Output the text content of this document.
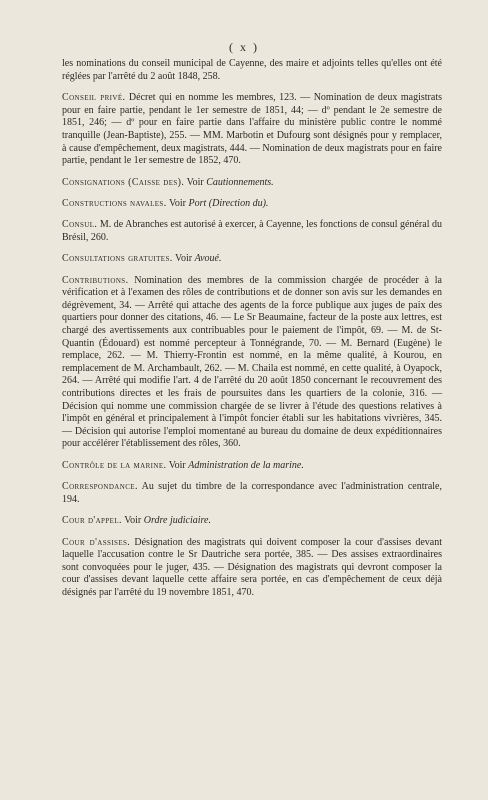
( x )

les nominations du conseil municipal de Cayenne, des maire et adjoints telles qu'elles ont été réglées par l'arrêté du 2 août 1848, 258.

Conseil privé. Décret qui en nomme les membres, 123. — Nomination de deux magistrats pour en faire partie, pendant le 1er semestre de 1851, 44; — dº pendant le 2e semestre de 1851, 246; — dº pour en faire partie dans l'affaire du ministère public contre le nommé tranquille (Jean-Baptiste), 255. — MM. Marbotin et Dufourg sont désignés pour y remplacer, à cause d'empêchement, deux magistrats, 444. — Nomination de deux magistrats pour en faire partie, pendant le 1er semestre de 1852, 470.

Consignations (Caisse des). Voir Cautionnements.

Constructions navales. Voir Port (Direction du).

Consul. M. de Abranches est autorisé à exercer, à Cayenne, les fonctions de consul général du Brésil, 260.

Consultations gratuites. Voir Avoué.

Contributions. Nomination des membres de la commission chargée de procéder à la vérification et à l'examen des rôles de contributions et de donner son avis sur les demandes en dégrèvement, 34. — Arrêté qui attache des agents de la force publique aux juges de paix des quartiers pour donner des citations, 46. — Le Sr Beaumaine, facteur de la poste aux lettres, est chargé des avertissements aux contribuables pour le paiement de l'impôt, 69. — M. de St-Quantin (Édouard) est nommé percepteur à Tonnégrande, 70. — M. Bernard (Eugène) le remplace, 262. — M. Thierry-Frontin est nommé, en la même qualité, à Kourou, en remplacement de M. Archambault, 262. — M. Chaila est nommé, en cette qualité, à Oyapock, 264. — Arrêté qui modifie l'art. 4 de l'arrêté du 20 août 1850 concernant le recouvrement des contributions directes et les frais de poursuites dans les quartiers de la colonie, 316. — Décision qui nomme une commission chargée de se livrer à l'étude des questions relatives à l'impôt en général et principalement à l'impôt foncier établi sur les habitations vivrières, 345. — Décision qui autorise l'emploi momentané au bureau du domaine de deux expéditionnaires pour accélérer l'établissement des rôles, 360.

Contrôle de la marine. Voir Administration de la marine.

Correspondance. Au sujet du timbre de la correspondance avec l'administration centrale, 194.

Cour d'appel. Voir Ordre judiciaire.

Cour d'assises. Désignation des magistrats qui doivent composer la cour d'assises devant laquelle l'accusation contre le Sr Dautriche sera portée, 385. — Des assises extraordinaires sont convoquées pour le juger, 435. — Désignation des magistrats qui devront composer la cour d'assises devant laquelle cette affaire sera portée, en cas d'empêchement de ceux déjà désignés par l'arrêté du 19 novembre 1851, 470.
